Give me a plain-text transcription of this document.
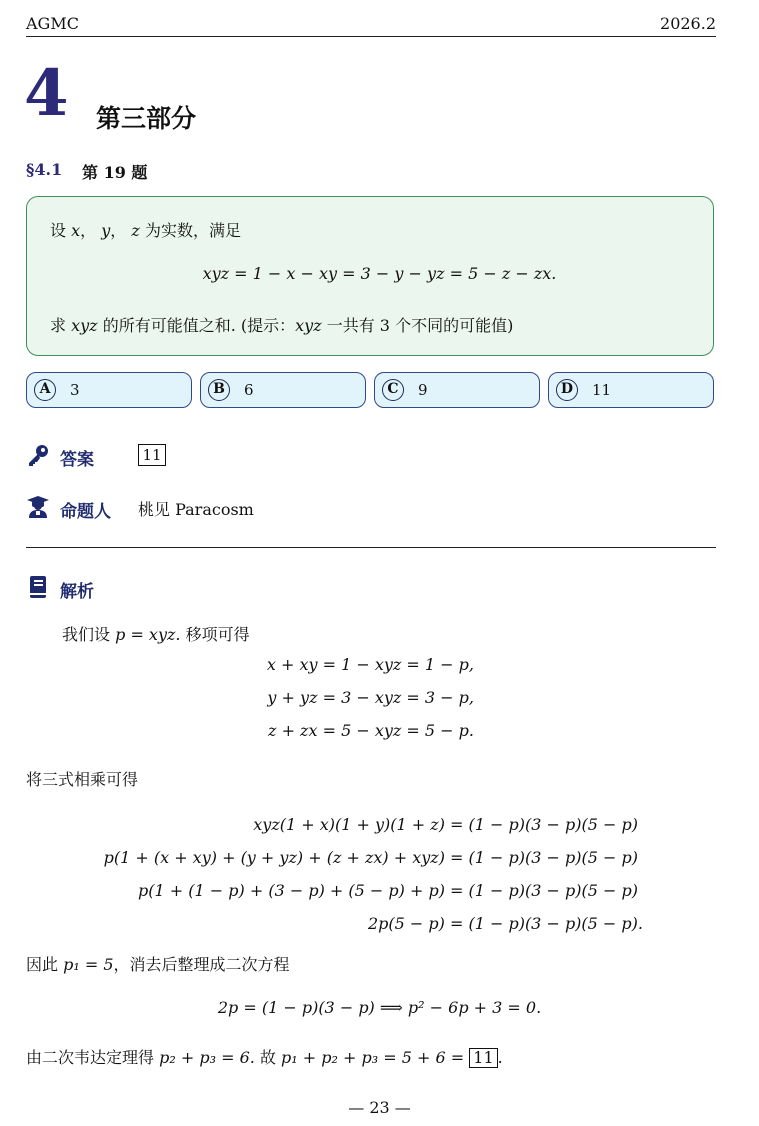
AGMC	2026.2
4 第三部分
§4.1 第 19 题
设 x， y， z 为实数，满足
xyz = 1 − x − xy = 3 − y − yz = 5 − z − zx.
求 xyz 的所有可能值之和. (提示：xyz 一共有 3 个不同的可能值)
A	3	B	6	C	9	D	11
答案	11
命题人 桃见 Paracosm
解析
我们设 p = xyz. 移项可得
x + xy = 1 − xyz = 1 − p,
y + yz = 3 − xyz = 3 − p,
z + zx = 5 − xyz = 5 − p.
将三式相乘可得
xyz(1 + x)(1 + y)(1 + z) = (1 − p)(3 − p)(5 − p)
p(1 + (x + xy) + (y + yz) + (z + zx) + xyz) = (1 − p)(3 − p)(5 − p)
p(1 + (1 − p) + (3 − p) + (5 − p) + p) = (1 − p)(3 − p)(5 − p)
2p(5 − p) = (1 − p)(3 − p)(5 − p).
因此 p₁ = 5，消去后整理成二次方程
2p = (1 − p)(3 − p) ⟹ p² − 6p + 3 = 0.
由二次韦达定理得 p₂ + p₃ = 6. 故 p₁ + p₂ + p₃ = 5 + 6 = 11 .
— 23 —
